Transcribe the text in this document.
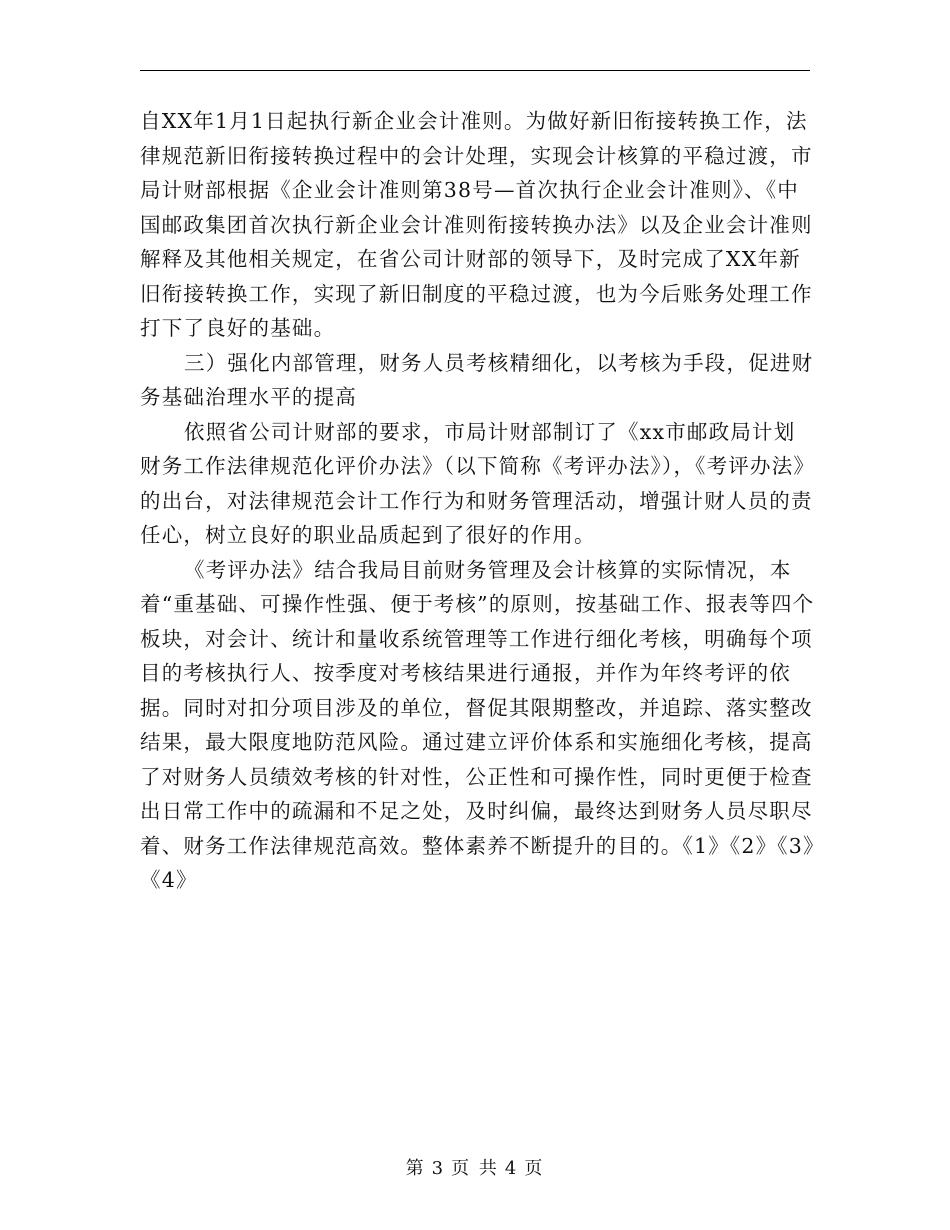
自XX年1月1日起执行新企业会计准则。为做好新旧衔接转换工作，法律规范新旧衔接转换过程中的会计处理，实现会计核算的平稳过渡，市局计财部根据《企业会计准则第38号—首次执行企业会计准则》、《中国邮政集团首次执行新企业会计准则衔接转换办法》以及企业会计准则解释及其他相关规定，在省公司计财部的领导下，及时完成了XX年新旧衔接转换工作，实现了新旧制度的平稳过渡，也为今后账务处理工作打下了良好的基础。

三）强化内部管理，财务人员考核精细化，以考核为手段，促进财务基础治理水平的提高

依照省公司计财部的要求，市局计财部制订了《xx市邮政局计划财务工作法律规范化评价办法》（以下简称《考评办法》），《考评办法》的出台，对法律规范会计工作行为和财务管理活动，增强计财人员的责任心，树立良好的职业品质起到了很好的作用。

《考评办法》结合我局目前财务管理及会计核算的实际情况，本着“重基础、可操作性强、便于考核”的原则，按基础工作、报表等四个板块，对会计、统计和量收系统管理等工作进行细化考核，明确每个项目的考核执行人、按季度对考核结果进行通报，并作为年终考评的依据。同时对扣分项目涉及的单位，督促其限期整改，并追踪、落实整改结果，最大限度地防范风险。通过建立评价体系和实施细化考核，提高了对财务人员绩效考核的针对性，公正性和可操作性，同时更便于检查出日常工作中的疏漏和不足之处，及时纠偏，最终达到财务人员尽职尽着、财务工作法律规范高效。整体素养不断提升的目的。《1》《2》《3》《4》

第 3 页 共 4 页
